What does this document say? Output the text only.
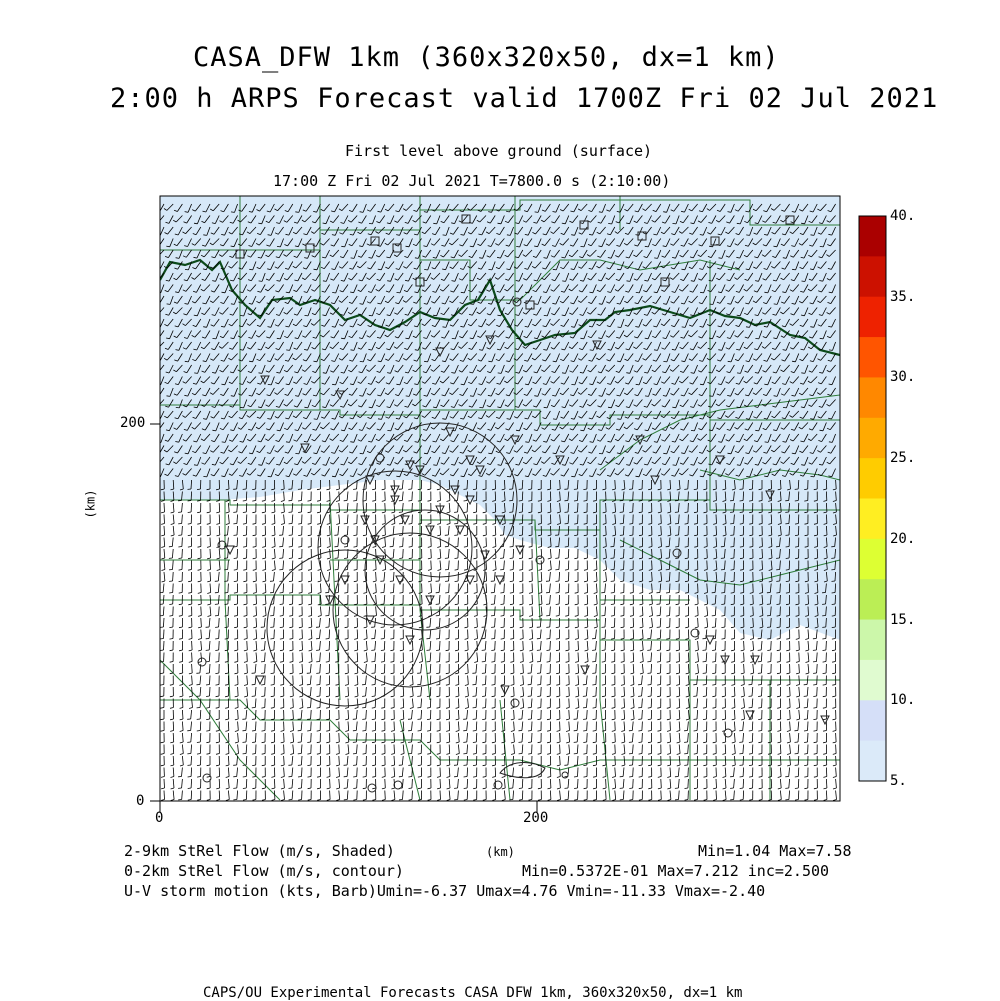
CASA_DFW 1km (360x320x50, dx=1 km)
2:00 h ARPS Forecast valid 1700Z Fri 02 Jul 2021
First level above ground (surface)
17:00 Z Fri 02 Jul 2021 T=7800.0 s (2:10:00)
0	200
0
200
(km)
(km)
40.
35.
30.
25.
20.
15.
10.
5.
2-9km StRel Flow (m/s, Shaded)	Min=1.04 Max=7.58
0-2km StRel Flow (m/s, contour)	Min=0.5372E-01 Max=7.212 inc=2.500
U-V storm motion (kts, Barb)Umin=-6.37 Umax=4.76 Vmin=-11.33 Vmax=-2.40
CAPS/OU Experimental Forecasts CASA DFW 1km, 360x320x50, dx=1 km
